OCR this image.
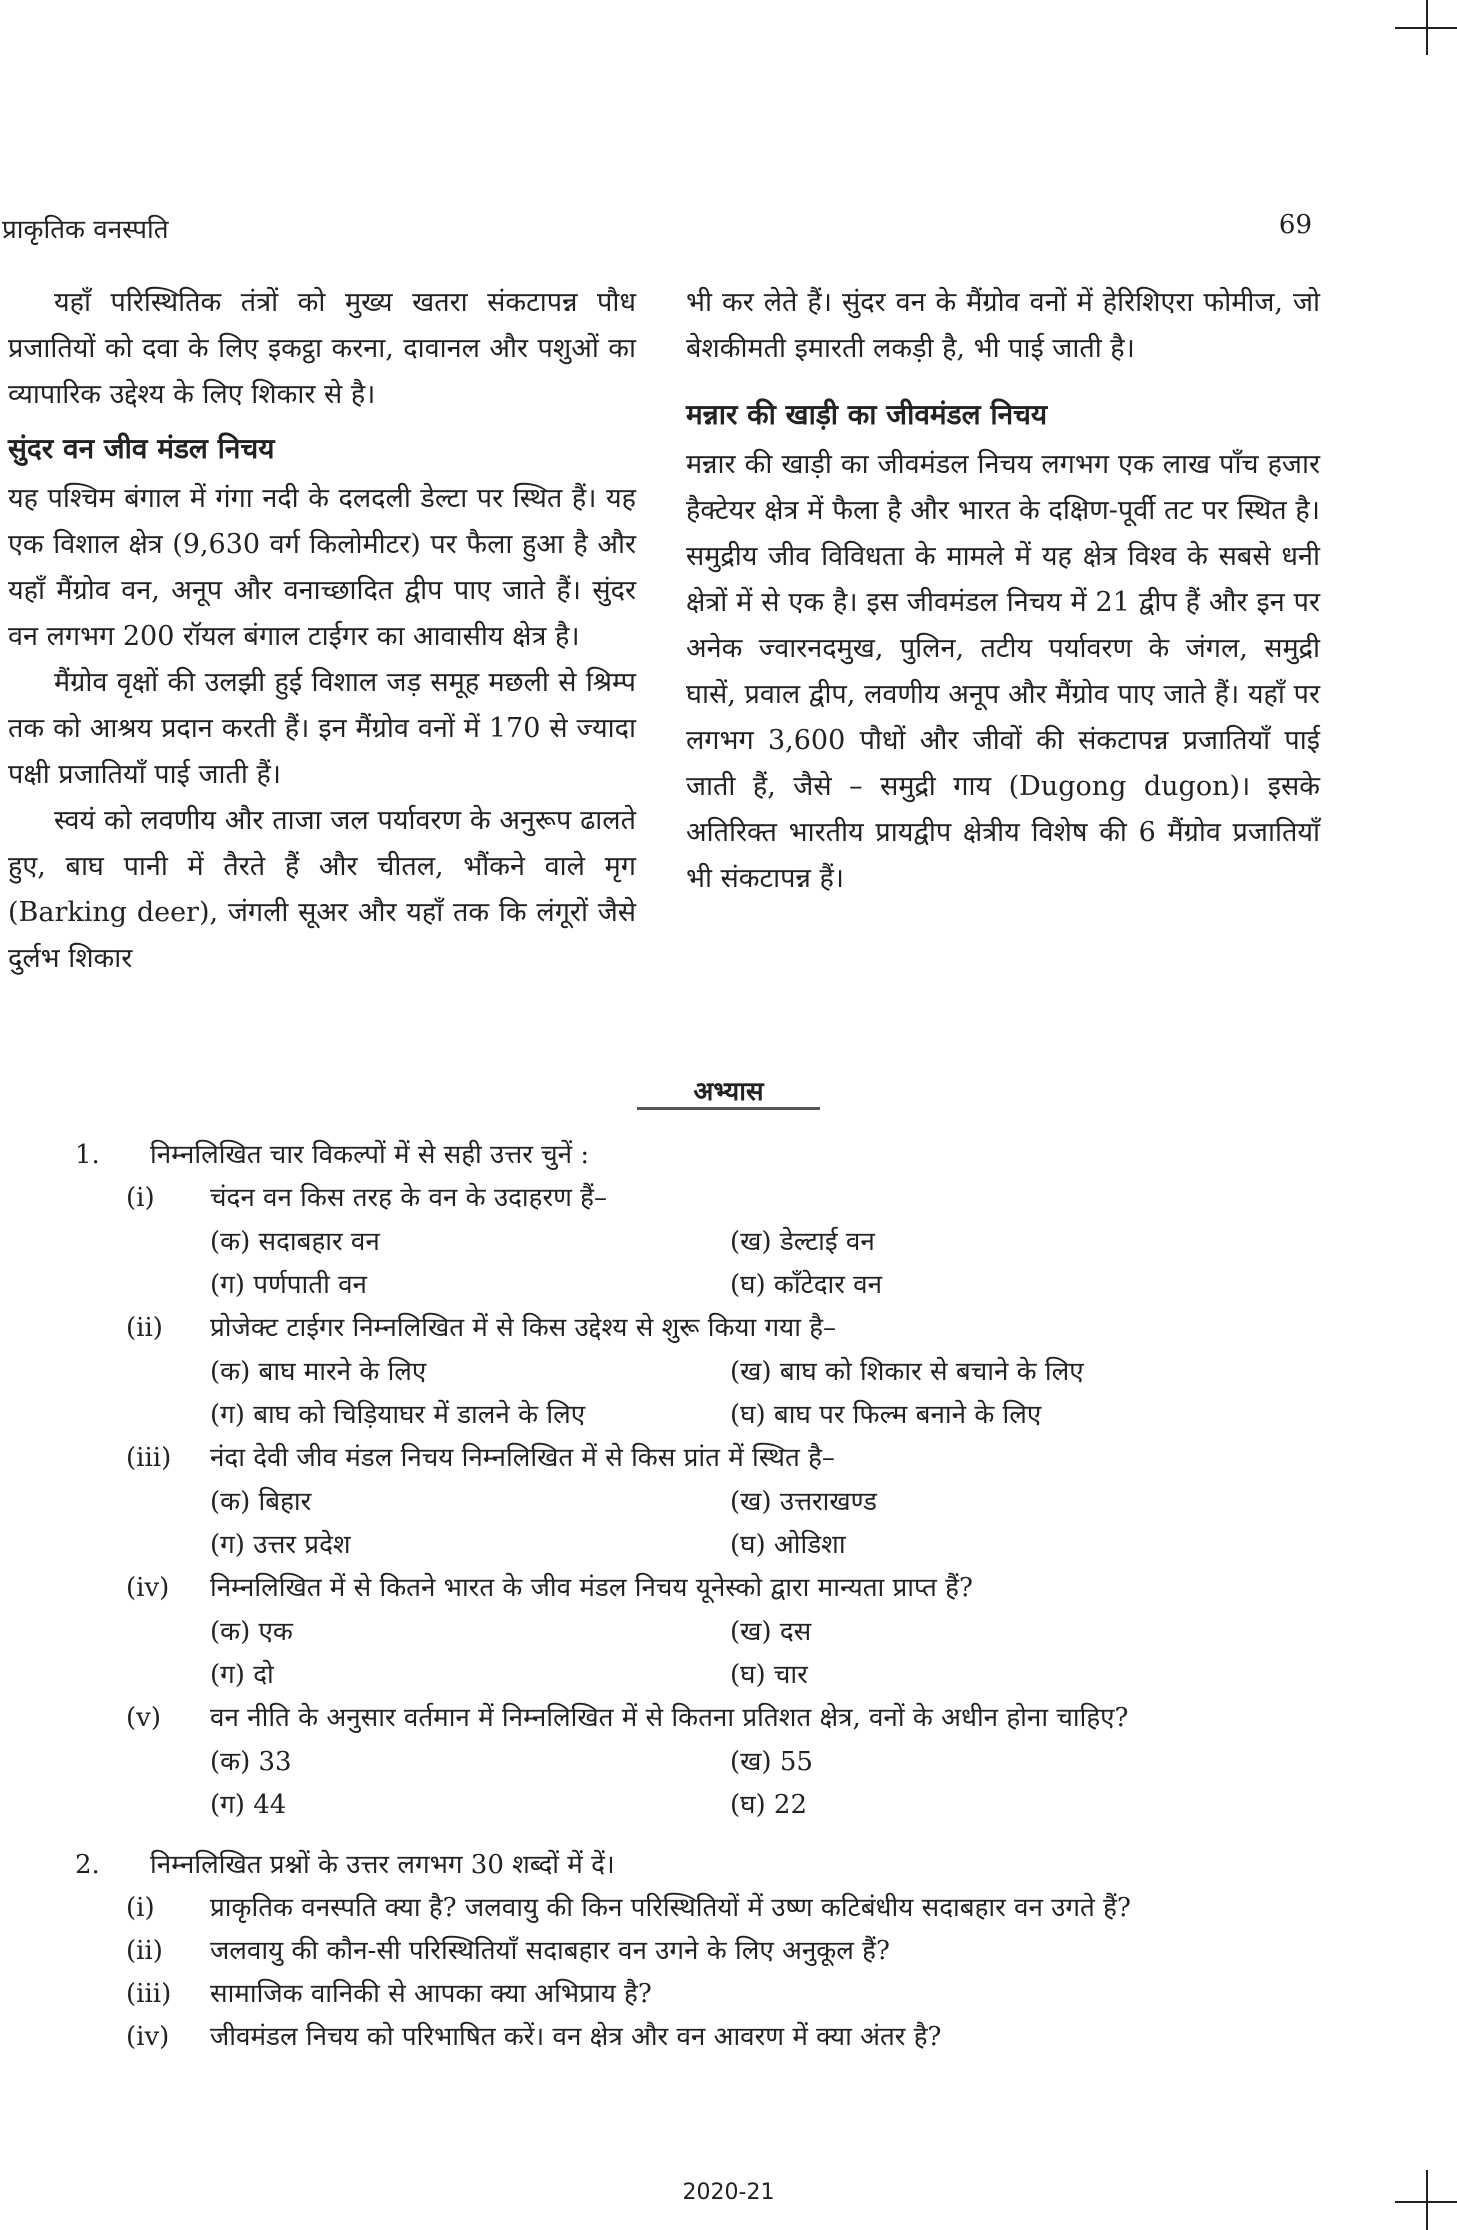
प्राकृतिक वनस्पति	69

यहाँ परिस्थितिक तंत्रों को मुख्य खतरा संकटापन्न पौध प्रजातियों को दवा के लिए इकट्ठा करना, दावानल और पशुओं का व्यापारिक उद्देश्य के लिए शिकार से है।

सुंदर वन जीव मंडल निचय

यह पश्चिम बंगाल में गंगा नदी के दलदली डेल्टा पर स्थित हैं। यह एक विशाल क्षेत्र (9,630 वर्ग किलोमीटर) पर फैला हुआ है और यहाँ मैंग्रोव वन, अनूप और वनाच्छादित द्वीप पाए जाते हैं। सुंदर वन लगभग 200 रॉयल बंगाल टाईगर का आवासीय क्षेत्र है।

मैंग्रोव वृक्षों की उलझी हुई विशाल जड़ समूह मछली से श्रिम्प तक को आश्रय प्रदान करती हैं। इन मैंग्रोव वनों में 170 से ज्यादा पक्षी प्रजातियाँ पाई जाती हैं।

स्वयं को लवणीय और ताजा जल पर्यावरण के अनुरूप ढालते हुए, बाघ पानी में तैरते हैं और चीतल, भौंकने वाले मृग (Barking deer), जंगली सूअर और यहाँ तक कि लंगूरों जैसे दुर्लभ शिकार

भी कर लेते हैं। सुंदर वन के मैंग्रोव वनों में हेरिशिएरा फोमीज, जो बेशकीमती इमारती लकड़ी है, भी पाई जाती है।

मन्नार की खाड़ी का जीवमंडल निचय

मन्नार की खाड़ी का जीवमंडल निचय लगभग एक लाख पाँच हजार हैक्टेयर क्षेत्र में फैला है और भारत के दक्षिण-पूर्वी तट पर स्थित है। समुद्रीय जीव विविधता के मामले में यह क्षेत्र विश्व के सबसे धनी क्षेत्रों में से एक है। इस जीवमंडल निचय में 21 द्वीप हैं और इन पर अनेक ज्वारनदमुख, पुलिन, तटीय पर्यावरण के जंगल, समुद्री घासें, प्रवाल द्वीप, लवणीय अनूप और मैंग्रोव पाए जाते हैं। यहाँ पर लगभग 3,600 पौधों और जीवों की संकटापन्न प्रजातियाँ पाई जाती हैं, जैसे – समुद्री गाय (Dugong dugon)। इसके अतिरिक्त भारतीय प्रायद्वीप क्षेत्रीय विशेष की 6 मैंग्रोव प्रजातियाँ भी संकटापन्न हैं।

अभ्यास
1. निम्नलिखित चार विकल्पों में से सही उत्तर चुनें :
(i) चंदन वन किस तरह के वन के उदाहरण हैं–
(क) सदाबहार वन	(ख) डेल्टाई वन
(ग) पर्णपाती वन	(घ) काँटेदार वन
(ii) प्रोजेक्ट टाईगर निम्नलिखित में से किस उद्देश्य से शुरू किया गया है–
(क) बाघ मारने के लिए	(ख) बाघ को शिकार से बचाने के लिए
(ग) बाघ को चिड़ियाघर में डालने के लिए	(घ) बाघ पर फिल्म बनाने के लिए
(iii) नंदा देवी जीव मंडल निचय निम्नलिखित में से किस प्रांत में स्थित है–
(क) बिहार	(ख) उत्तराखण्ड
(ग) उत्तर प्रदेश	(घ) ओडिशा
(iv) निम्नलिखित में से कितने भारत के जीव मंडल निचय यूनेस्को द्वारा मान्यता प्राप्त हैं?
(क) एक	(ख) दस
(ग) दो	(घ) चार
(v) वन नीति के अनुसार वर्तमान में निम्नलिखित में से कितना प्रतिशत क्षेत्र, वनों के अधीन होना चाहिए?
(क) 33	(ख) 55
(ग) 44	(घ) 22
2. निम्नलिखित प्रश्नों के उत्तर लगभग 30 शब्दों में दें।
(i) प्राकृतिक वनस्पति क्या है? जलवायु की किन परिस्थितियों में उष्ण कटिबंधीय सदाबहार वन उगते हैं?
(ii) जलवायु की कौन-सी परिस्थितियाँ सदाबहार वन उगने के लिए अनुकूल हैं?
(iii) सामाजिक वानिकी से आपका क्या अभिप्राय है?
(iv) जीवमंडल निचय को परिभाषित करें। वन क्षेत्र और वन आवरण में क्या अंतर है?
2020-21
